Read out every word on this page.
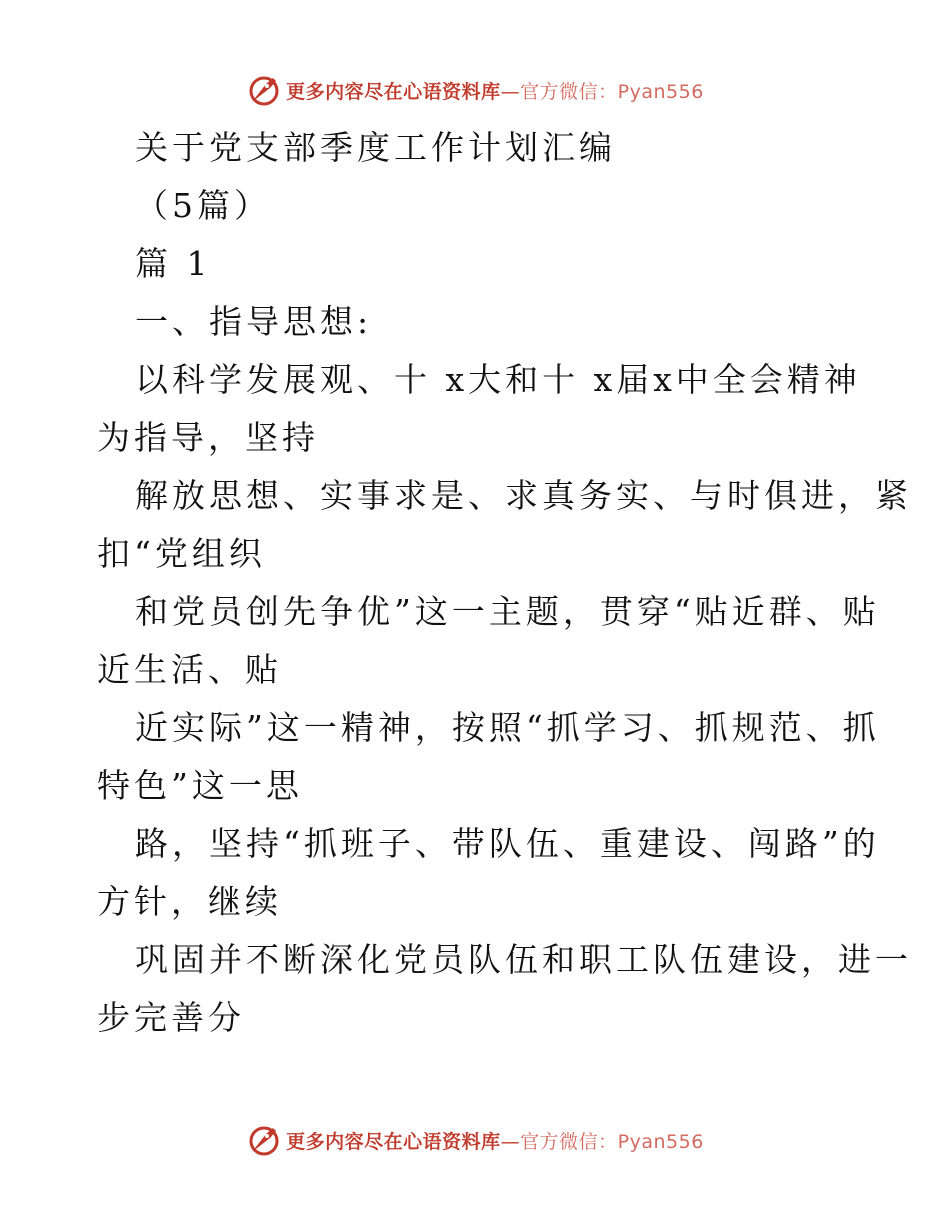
更多内容尽在心语资料库—官方微信：Pyan556
关于党支部季度工作计划汇编
（5篇）
篇 1
一、指导思想:
以科学发展观、十 x大和十 x届x中全会精神
为指导，坚持
解放思想、实事求是、求真务实、与时俱进，紧
扣“党组织
和党员创先争优”这一主题，贯穿“贴近群、贴
近生活、贴
近实际”这一精神，按照“抓学习、抓规范、抓
特色”这一思
路，坚持“抓班子、带队伍、重建设、闯路”的
方针，继续
巩固并不断深化党员队伍和职工队伍建设，进一
步完善分
更多内容尽在心语资料库—官方微信：Pyan556
